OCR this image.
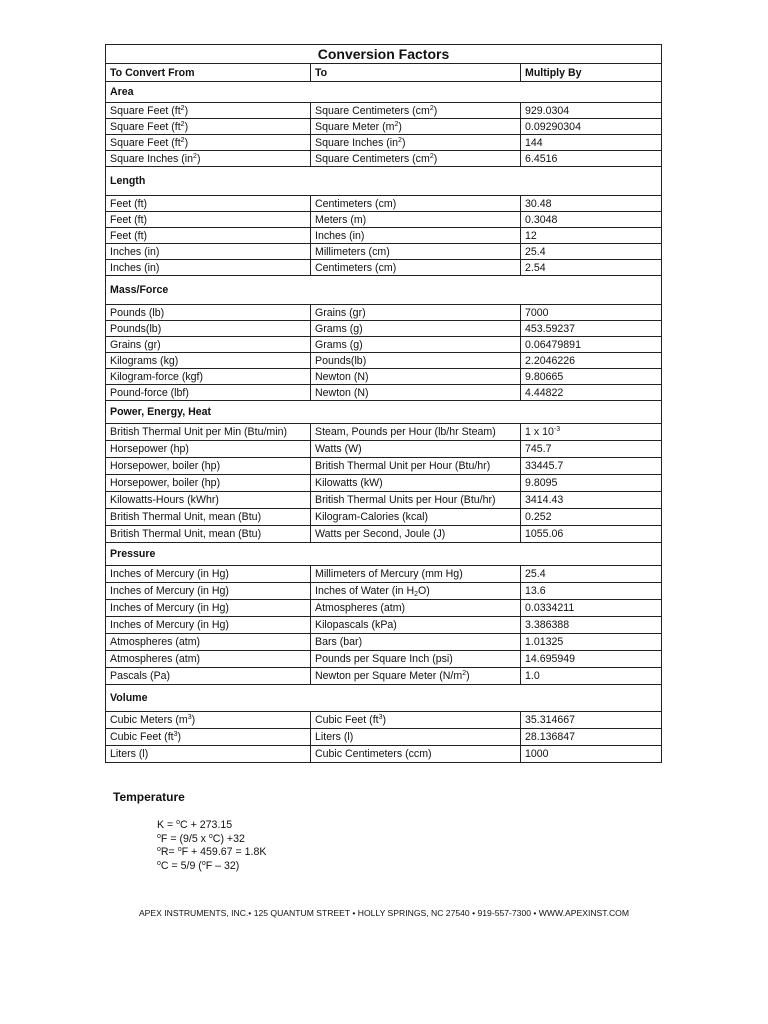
Conversion Factors		
To Convert From	To	Multiply By
Area		
Square Feet $(ft^2)$	Square Centimeters $(cm^2)$	929.0304
Square Feet $(ft^2)$	Square Meter $(m^2)$	0.09290304
Square Feet $(ft^2)$	Square Inches $(in^2)$	144
Square Inches $(in^2)$	Square Centimeters $(cm^2)$	6.4516
Length		
Feet (ft)	Centimeters (cm)	30.48
Feet (ft)	Meters (m)	0.3048
Feet (ft)	Inches (in)	12
Inches (in)	Millimeters (cm)	25.4
Inches (in)	Centimeters (cm)	2.54
Mass/Force		
Pounds (lb)	Grains (gr)	7000
Pounds(lb)	Grams (g)	453.59237
Grains (gr)	Grams (g)	0.06479891
Kilograms (kg)	Pounds(lb)	2.2046226
Kilogram-force (kgf)	Newton (N)	9.80665
Pound-force (lbf)	Newton (N)	4.44822
Power, Energy, Heat		
British Thermal Unit per Min (Btu/min)	Steam, Pounds per Hour (lb/hr Steam)	1 x $10^{-3}$
Horsepower (hp)	Watts (W)	745.7
Horsepower, boiler (hp)	British Thermal Unit per Hour (Btu/hr)	33445.7
Horsepower, boiler (hp)	Kilowatts (kW)	9.8095
Kilowatts-Hours (kWhr)	British Thermal Units per Hour (Btu/hr)	3414.43
British Thermal Unit, mean (Btu)	Kilogram-Calories (kcal)	0.252
British Thermal Unit, mean (Btu)	Watts per Second, Joule (J)	1055.06
Pressure		
Inches of Mercury (in Hg)	Millimeters of Mercury (mm Hg)	25.4
Inches of Mercury (in Hg)	Inches of Water (in $H_2O$)	13.6
Inches of Mercury (in Hg)	Atmospheres (atm)	0.0334211
Inches of Mercury (in Hg)	Kilopascals (kPa)	3.386388
Atmospheres (atm)	Bars (bar)	1.01325
Atmospheres (atm)	Pounds per Square Inch (psi)	14.695949
Pascals (Pa)	Newton per Square Meter $(N/m^2)$	1.0
Volume		
Cubic Meters $(m^3)$	Cubic Feet $(ft^3)$	35.314667
Cubic Feet $(ft^3)$	Liters (l)	28.136847
Liters (l)	Cubic Centimeters (ccm)	1000
Temperature
K = $^o$C + 273.15
$^o$F = (9/5 x $^o$C) +32
$^o$R= $^o$F + 459.67 = 1.8K
$^o$C = 5/9 ($^o$F – 32)
APEX INSTRUMENTS, INC.• 125 QUANTUM STREET • HOLLY SPRINGS, NC 27540 • 919-557-7300 • WWW.APEXINST.COM
